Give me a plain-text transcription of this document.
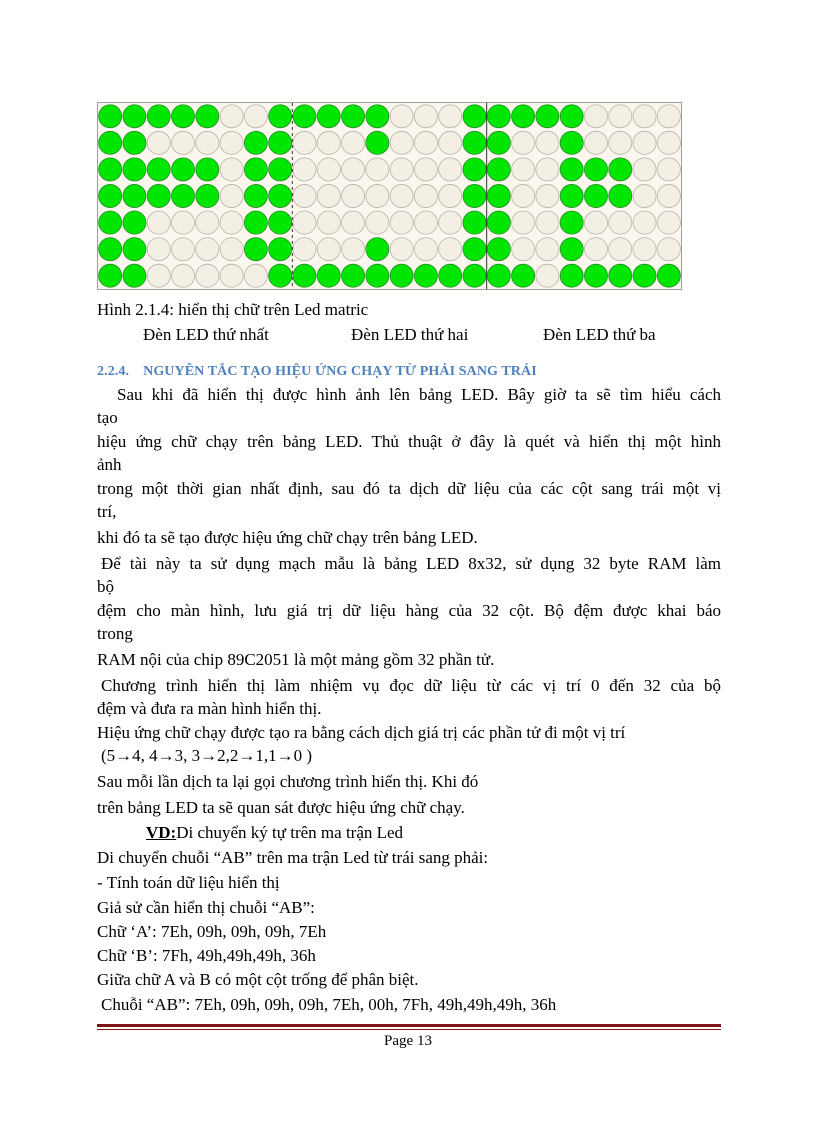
Hình 2.1.4: hiển thị chữ trên Led matric
Đèn LED thứ nhất	Đèn LED thứ hai	Đèn LED thứ ba
2.2.4. NGUYÊN TẮC TẠO HIỆU ỨNG CHẠY TỪ PHẢI SANG TRÁI
Sau khi đã hiển thị được hình ảnh lên bảng LED. Bây giờ ta sẽ tìm hiểu cách
tạo
hiệu ứng chữ chạy trên bảng LED. Thủ thuật ở đây là quét và hiển thị một hình
ảnh
trong một thời gian nhất định, sau đó ta dịch dữ liệu của các cột sang trái một vị
trí,
khi đó ta sẽ tạo được hiệu ứng chữ chạy trên bảng LED.
Để tài này ta sử dụng mạch mẫu là bảng LED 8x32, sử dụng 32 byte RAM làm
bộ
đệm cho màn hình, lưu giá trị dữ liệu hàng của 32 cột. Bộ đệm được khai báo
trong
RAM nội của chip 89C2051 là một mảng gồm 32 phần tử.
Chương trình hiển thị làm nhiệm vụ đọc dữ liệu từ các vị trí 0 đến 32 của bộ
đệm và đưa ra màn hình hiển thị.
Hiệu ứng chữ chạy được tạo ra bằng cách dịch giá trị các phần tử đi một vị trí
(5→4, 4→3, 3→2,2→1,1→0 )
Sau mỗi lần dịch ta lại gọi chương trình hiển thị. Khi đó
trên bảng LED ta sẽ quan sát được hiệu ứng chữ chạy.
VD:Di chuyển ký tự trên ma trận Led
Di chuyển chuỗi “AB” trên ma trận Led từ trái sang phải:
- Tính toán dữ liệu hiển thị
Giả sử cần hiển thị chuỗi “AB”:
Chữ ‘A’: 7Eh, 09h, 09h, 09h, 7Eh
Chữ ‘B’: 7Fh, 49h,49h,49h, 36h
Giữa chữ A và B có một cột trống để phân biệt.
Chuỗi “AB”: 7Eh, 09h, 09h, 09h, 7Eh, 00h, 7Fh, 49h,49h,49h, 36h
Page 13
